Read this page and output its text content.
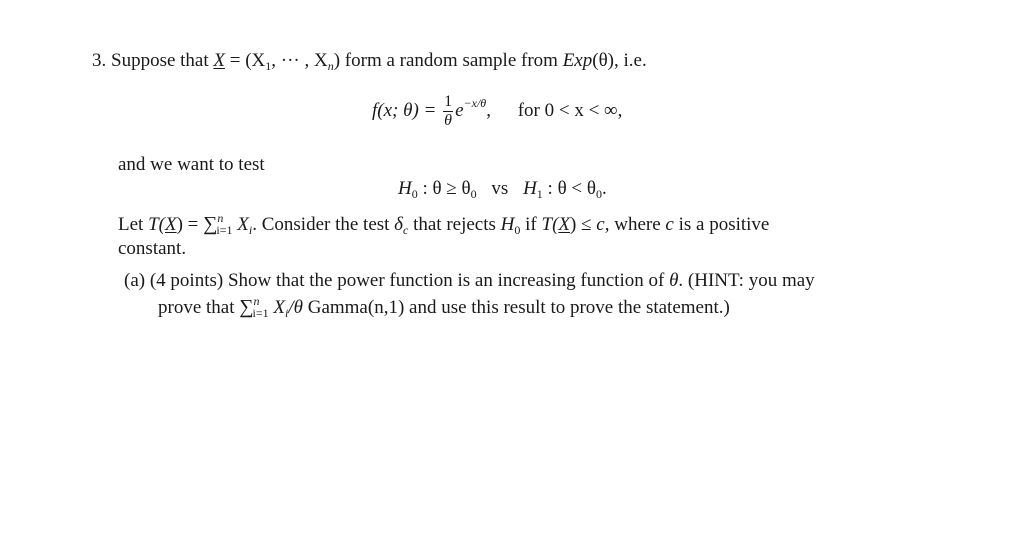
3. Suppose that $X = (X_1$, ··· , $X_n$) form a random sample from Exp(θ), i.e.
f(x; $\theta) = \frac{1}{\theta} e^{-x/\theta}$, for 0 < x < ∞,
and we want to test
$H_0$ : $\theta \ge \theta_0$ vs $H_1$ : $\theta < \theta_0$.
Let T(X) = ∑$^n_{i=1}$ $X_i$. Consider the test $\delta_c$ that rejects $H_0$ if T(X) ≤ c, where c is a positive
constant.
(a) (4 points) Show that the power function is an increasing function of θ. (HINT: you may
prove that ∑$^n_{i=1}$ $X_i/\theta$ Gamma(n,1) and use this result to prove the statement.)
